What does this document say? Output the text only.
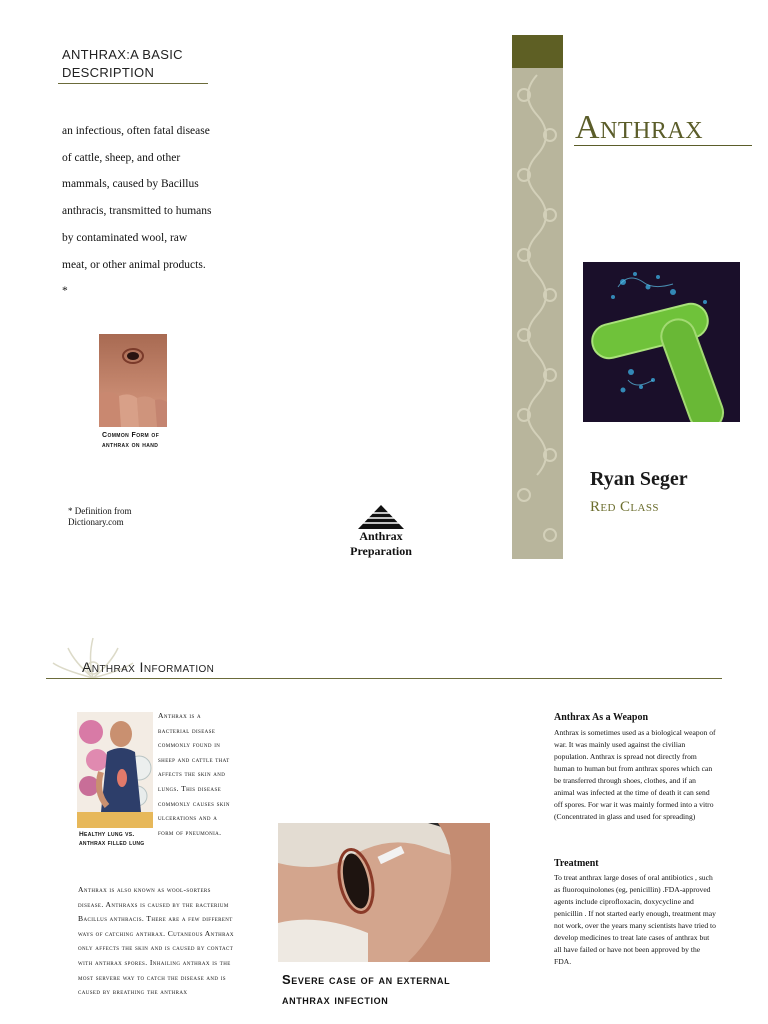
ANTHRAX:A BASIC DESCRIPTION
an infectious, often fatal disease of cattle, sheep, and other mammals, caused by Bacillus anthracis, transmitted to humans by contaminated wool, raw meat, or other animal products. *
Common Form of anthrax on hand
* Definition from Dictionary.com
Anthrax
Preparation
Anthrax
Ryan Seger
Red Class
Anthrax Information
Healthy lung vs. anthrax filled lung
Anthrax is a bacterial disease commonly found in sheep and cattle that affects the skin and lungs. This disease commonly causes skin ulcerations and a form of pneumonia.
Anthrax is also known as wool-sorters disease. Anthraxs is caused by the bacterium Bacillus anthracis. There are a few different ways of catching anthrax. Cutaneous Anthrax only affects the skin and is caused by contact with anthrax spores. Inhailing anthrax is the most servere way to catch the disease and is caused by breathing the anthrax
Severe case of an external anthrax infection
Anthrax As a Weapon
Anthrax is sometimes used as a biological weapon of war. It was mainly used against the civilian population. Anthrax is spread not directly from human to human but from anthrax spores which can be transferred through shoes, clothes, and if an animal was infected at the time of death it can send off spores. For war it was mainly formed into a vitro (Concentrated in glass and used for spreading)
Treatment
To treat anthrax large doses of oral antibiotics , such as fluoroquinolones (eg, penicillin) .FDA-approved agents include ciprofloxacin, doxycycline and penicillin . If not started early enough, treatment may not work, over the years many scientists have tried to develop medicines to treat late cases of anthrax but all have failed or have not been approved by the FDA.
